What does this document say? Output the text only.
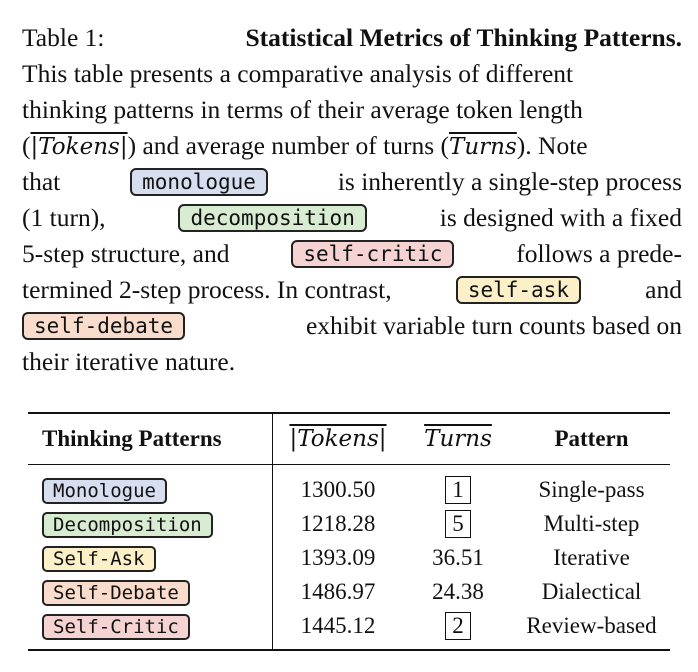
Table 1:	Statistical Metrics of Thinking Patterns.
This table presents a comparative analysis of different
thinking patterns in terms of their average token length
(|Tokens|) and average number of turns (Turns). Note
that	monologue	is inherently a single-step process
(1 turn),	decomposition	is designed with a fixed
5-step structure, and	self-critic	follows a prede-
termined 2-step process. In contrast,	self-ask	and
self-debate	exhibit variable turn counts based on
their iterative nature.
Thinking Patterns	|Tokens|	Turns	Pattern
Monologue	1300.50	1	Single-pass
Decomposition	1218.28	5	Multi-step
Self-Ask	1393.09	36.51	Iterative
Self-Debate	1486.97	24.38	Dialectical
Self-Critic	1445.12	2	Review-based
